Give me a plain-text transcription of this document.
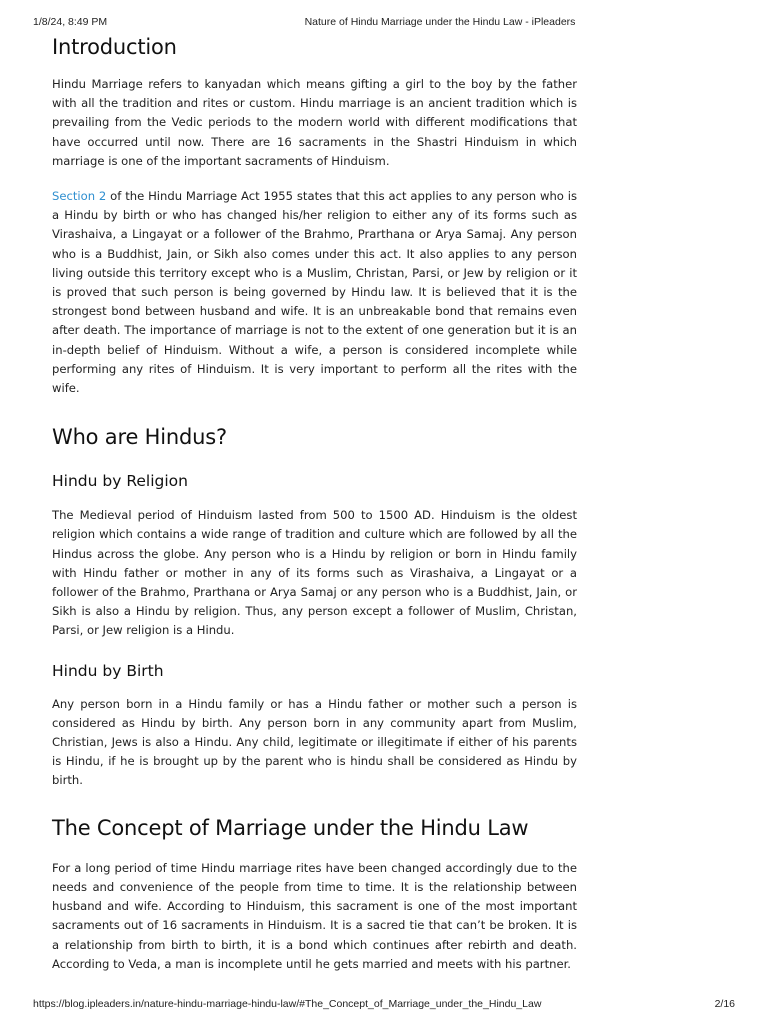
1/8/24, 8:49 PM	Nature of Hindu Marriage under the Hindu Law - iPleaders
Introduction

Hindu Marriage refers to kanyadan which means gifting a girl to the boy by the father with all the tradition and rites or custom. Hindu marriage is an ancient tradition which is prevailing from the Vedic periods to the modern world with different modifications that have occurred until now. There are 16 sacraments in the Shastri Hinduism in which marriage is one of the important sacraments of Hinduism.

Section 2 of the Hindu Marriage Act 1955 states that this act applies to any person who is a Hindu by birth or who has changed his/her religion to either any of its forms such as Virashaiva, a Lingayat or a follower of the Brahmo, Prarthana or Arya Samaj. Any person who is a Buddhist, Jain, or Sikh also comes under this act. It also applies to any person living outside this territory except who is a Muslim, Christan, Parsi, or Jew by religion or it is proved that such person is being governed by Hindu law. It is believed that it is the strongest bond between husband and wife. It is an unbreakable bond that remains even after death. The importance of marriage is not to the extent of one generation but it is an in-depth belief of Hinduism. Without a wife, a person is considered incomplete while performing any rites of Hinduism. It is very important to perform all the rites with the wife.

Who are Hindus?
Hindu by Religion

The Medieval period of Hinduism lasted from 500 to 1500 AD. Hinduism is the oldest religion which contains a wide range of tradition and culture which are followed by all the Hindus across the globe. Any person who is a Hindu by religion or born in Hindu family with Hindu father or mother in any of its forms such as Virashaiva, a Lingayat or a follower of the Brahmo, Prarthana or Arya Samaj or any person who is a Buddhist, Jain, or Sikh is also a Hindu by religion. Thus, any person except a follower of Muslim, Christan, Parsi, or Jew religion is a Hindu.

Hindu by Birth

Any person born in a Hindu family or has a Hindu father or mother such a person is considered as Hindu by birth. Any person born in any community apart from Muslim, Christian, Jews is also a Hindu. Any child, legitimate or illegitimate if either of his parents is Hindu, if he is brought up by the parent who is hindu shall be considered as Hindu by birth.

The Concept of Marriage under the Hindu Law

For a long period of time Hindu marriage rites have been changed accordingly due to the needs and convenience of the people from time to time. It is the relationship between husband and wife. According to Hinduism, this sacrament is one of the most important sacraments out of 16 sacraments in Hinduism. It is a sacred tie that can’t be broken. It is a relationship from birth to birth, it is a bond which continues after rebirth and death. According to Veda, a man is incomplete until he gets married and meets with his partner.

https://blog.ipleaders.in/nature-hindu-marriage-hindu-law/#The_Concept_of_Marriage_under_the_Hindu_Law	2/16
